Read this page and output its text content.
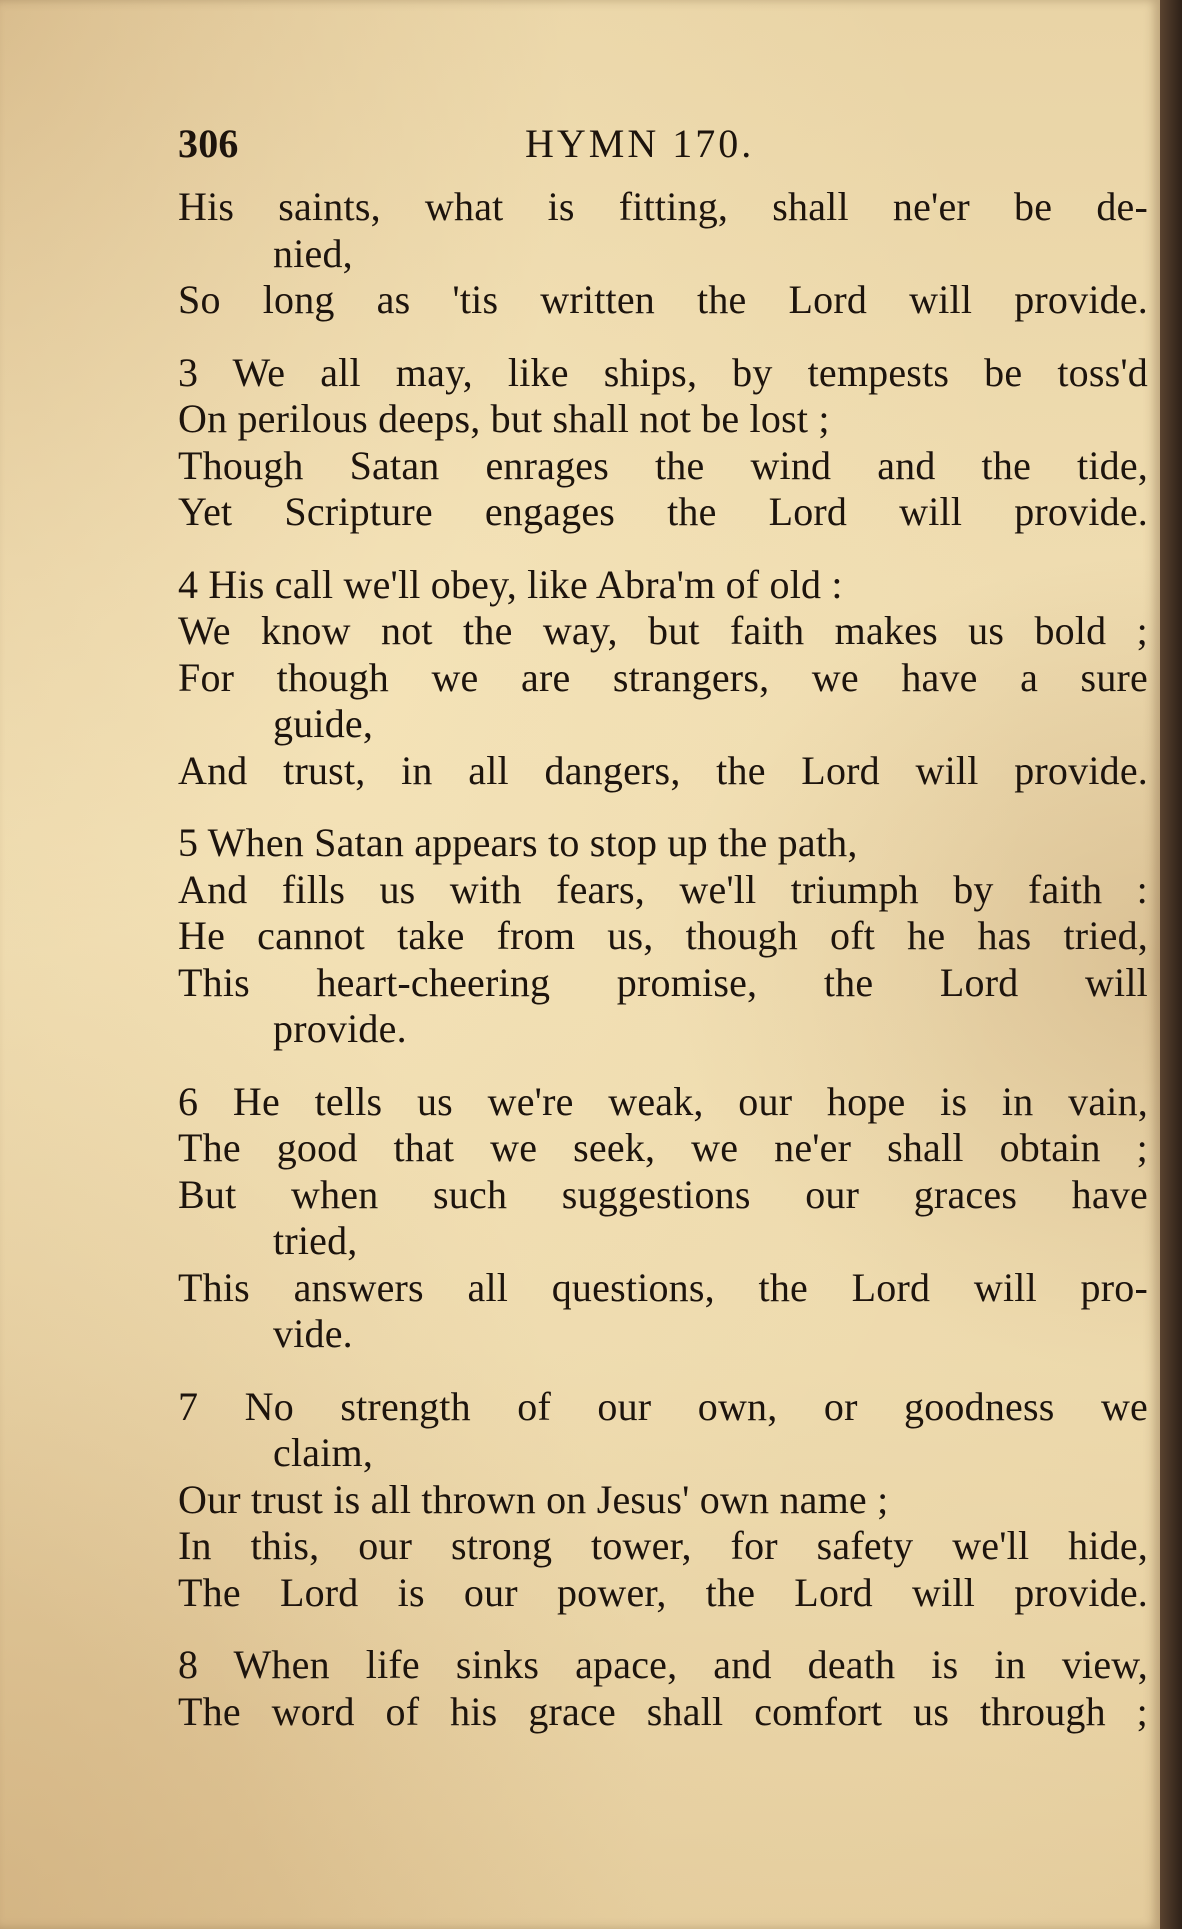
306	HYMN 170.
His saints, what is fitting, shall ne'er be de-
nied,
So long as 'tis written the Lord will provide.
3 We all may, like ships, by tempests be toss'd
On perilous deeps, but shall not be lost ;
Though Satan enrages the wind and the tide,
Yet Scripture engages the Lord will provide.
4 His call we'll obey, like Abra'm of old :
We know not the way, but faith makes us bold ;
For though we are strangers, we have a sure
guide,
And trust, in all dangers, the Lord will provide.
5 When Satan appears to stop up the path,
And fills us with fears, we'll triumph by faith :
He cannot take from us, though oft he has tried,
This heart-cheering promise, the Lord will
provide.
6 He tells us we're weak, our hope is in vain,
The good that we seek, we ne'er shall obtain ;
But when such suggestions our graces have
tried,
This answers all questions, the Lord will pro-
vide.
7 No strength of our own, or goodness we
claim,
Our trust is all thrown on Jesus' own name ;
In this, our strong tower, for safety we'll hide,
The Lord is our power, the Lord will provide.
8 When life sinks apace, and death is in view,
The word of his grace shall comfort us through ;
